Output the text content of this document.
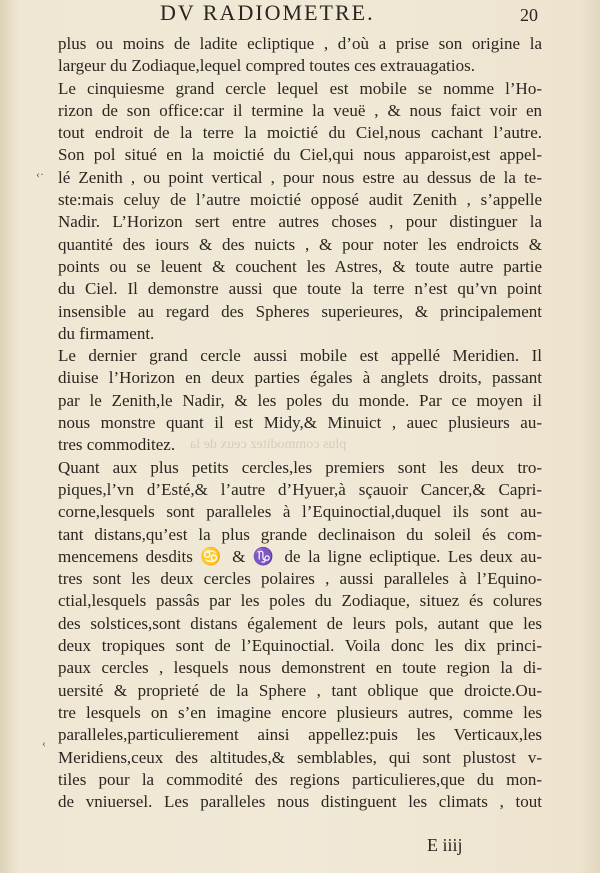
DV RADIOMETRE.	20
plus commoditez ceux de la
plus ou moins de ladite ecliptique , d’où a prise son origine la
largeur du Zodiaque,lequel compred toutes ces extrauagatios.
Le cinquiesme grand cercle lequel est mobile se nomme l’Ho-
rizon de son office:car il termine la veuë , & nous faict voir en
tout endroit de la terre la moictié du Ciel,nous cachant l’autre.
Son pol situé en la moictié du Ciel,qui nous apparoist,est appel-
lé Zenith , ou point vertical , pour nous estre au dessus de la te-
ste:mais celuy de l’autre moictié opposé audit Zenith , s’appelle
Nadir. L’Horizon sert entre autres choses , pour distinguer la
quantité des iours & des nuicts , & pour noter les endroicts &
points ou se leuent & couchent les Astres, & toute autre partie
du Ciel. Il demonstre aussi que toute la terre n’est qu’vn point
insensible au regard des Spheres superieures, & principalement
du firmament.
Le dernier grand cercle aussi mobile est appellé Meridien. Il
diuise l’Horizon en deux parties égales à anglets droits, passant
par le Zenith,le Nadir, & les poles du monde. Par ce moyen il
nous monstre quant il est Midy,& Minuict , auec plusieurs au-
tres commoditez.
Quant aux plus petits cercles,les premiers sont les deux tro-
piques,l’vn d’Esté,& l’autre d’Hyuer,à sçauoir Cancer,& Capri-
corne,lesquels sont paralleles à l’Equinoctial,duquel ils sont au-
tant distans,qu’est la plus grande declinaison du soleil és com-
mencemens desdits ♋ & ♑ de la ligne ecliptique. Les deux au-
tres sont les deux cercles polaires , aussi paralleles à l’Equino-
ctial,lesquels passâs par les poles du Zodiaque, situez és colures
des solstices,sont distans également de leurs pols, autant que les
deux tropiques sont de l’Equinoctial. Voila donc les dix princi-
paux cercles , lesquels nous demonstrent en toute region la di-
uersité & proprieté de la Sphere , tant oblique que droicte.Ou-
tre lesquels on s’en imagine encore plusieurs autres, comme les
paralleles,particulierement ainsi appellez:puis les Verticaux,les
Meridiens,ceux des altitudes,& semblables, qui sont plustost v-
tiles pour la commodité des regions particulieres,que du mon-
de vniuersel. Les paralleles nous distinguent les climats , tout
‹·
‹
E iiij
